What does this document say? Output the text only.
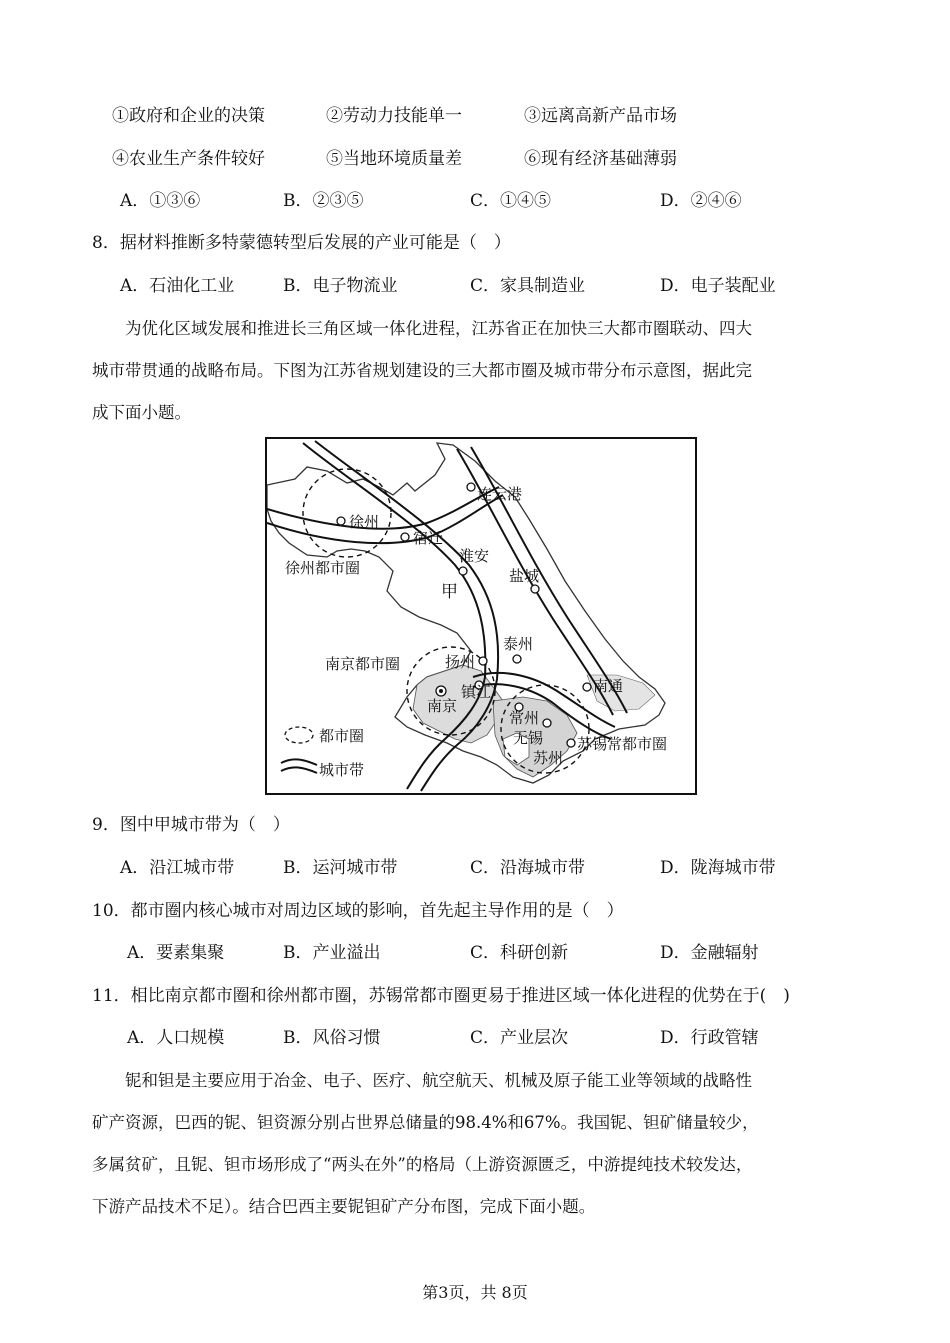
①政府和企业的决策	②劳动力技能单一	③远离高新产品市场
④农业生产条件较好	⑤当地环境质量差	⑥现有经济基础薄弱
A．①③⑥	B．②③⑤	C．①④⑤	D．②④⑥
8．据材料推断多特蒙德转型后发展的产业可能是（　）
A．石油化工业	B．电子物流业	C．家具制造业	D．电子装配业
为优化区域发展和推进长三角区域一体化进程，江苏省正在加快三大都市圈联动、四大
城市带贯通的战略布局。下图为江苏省规划建设的三大都市圈及城市带分布示意图，据此完
成下面小题。
连云港
徐州
宿迁
淮安
盐城
泰州
扬州
镇江
南京
常州
无锡
苏州
南通
徐州都市圈
南京都市圈
苏锡常都市圈
甲
都市圈
城市带
9．图中甲城市带为（　）
A．沿江城市带	B．运河城市带	C．沿海城市带	D．陇海城市带
10．都市圈内核心城市对周边区域的影响，首先起主导作用的是（　）
A．要素集聚	B．产业溢出	C．科研创新	D．金融辐射
11．相比南京都市圈和徐州都市圈，苏锡常都市圈更易于推进区域一体化进程的优势在于(　)
A．人口规模	B．风俗习惯	C．产业层次	D．行政管辖
铌和钽是主要应用于冶金、电子、医疗、航空航天、机械及原子能工业等领域的战略性
矿产资源，巴西的铌、钽资源分别占世界总储量的98.4%和67%。我国铌、钽矿储量较少，
多属贫矿，且铌、钽市场形成了“两头在外”的格局（上游资源匮乏，中游提纯技术较发达，
下游产品技术不足）。结合巴西主要铌钽矿产分布图，完成下面小题。
第3页，共 8页
